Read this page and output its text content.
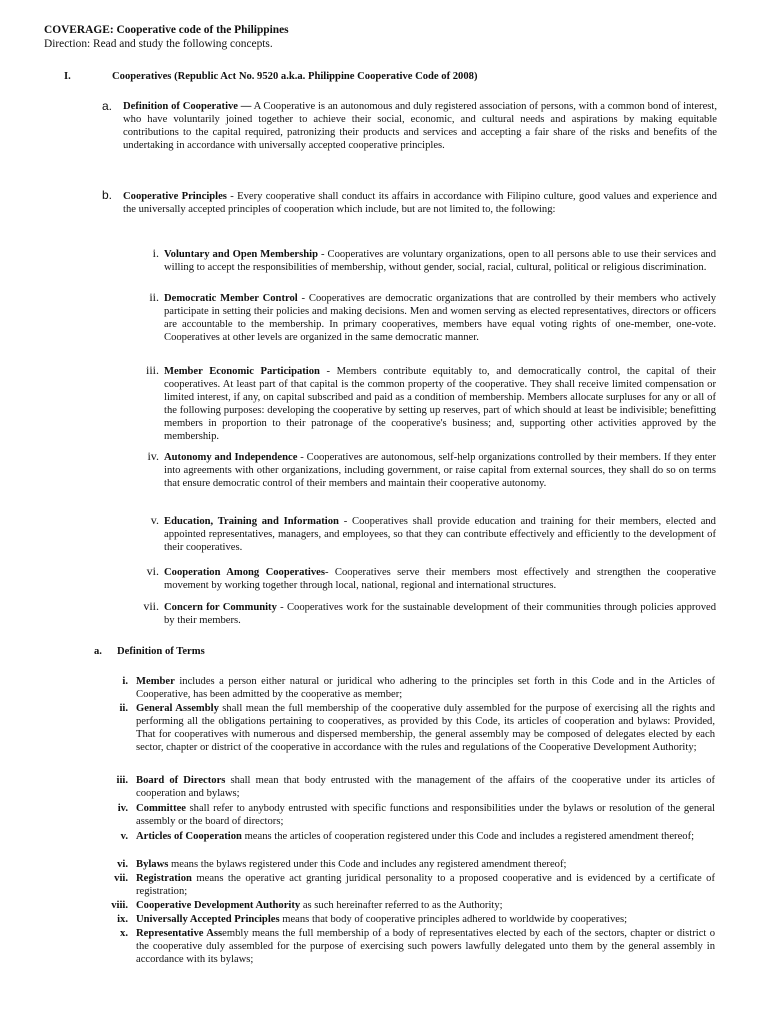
COVERAGE: Cooperative code of the Philippines
Direction: Read and study the following concepts.
I.	Cooperatives (Republic Act No. 9520 a.k.a. Philippine Cooperative Code of 2008)
a. Definition of Cooperative — A Cooperative is an autonomous and duly registered association of persons, with a common bond of interest, who have voluntarily joined together to achieve their social, economic, and cultural needs and aspirations by making equitable contributions to the capital required, patronizing their products and services and accepting a fair share of the risks and benefits of the undertaking in accordance with universally accepted cooperative principles.
b. Cooperative Principles - Every cooperative shall conduct its affairs in accordance with Filipino culture, good values and experience and the universally accepted principles of cooperation which include, but are not limited to, the following:
i. Voluntary and Open Membership - Cooperatives are voluntary organizations, open to all persons able to use their services and willing to accept the responsibilities of membership, without gender, social, racial, cultural, political or religious discrimination.
ii. Democratic Member Control - Cooperatives are democratic organizations that are controlled by their members who actively participate in setting their policies and making decisions. Men and women serving as elected representatives, directors or officers are accountable to the membership. In primary cooperatives, members have equal voting rights of one-member, one-vote. Cooperatives at other levels are organized in the same democratic manner.
iii. Member Economic Participation - Members contribute equitably to, and democratically control, the capital of their cooperatives. At least part of that capital is the common property of the cooperative. They shall receive limited compensation or limited interest, if any, on capital subscribed and paid as a condition of membership. Members allocate surpluses for any or all of the following purposes: developing the cooperative by setting up reserves, part of which should at least be indivisible; benefitting members in proportion to their patronage of the cooperative's business; and, supporting other activities approved by the membership.
iv. Autonomy and Independence - Cooperatives are autonomous, self-help organizations controlled by their members. If they enter into agreements with other organizations, including government, or raise capital from external sources, they shall do so on terms that ensure democratic control of their members and maintain their cooperative autonomy.
v. Education, Training and Information - Cooperatives shall provide education and training for their members, elected and appointed representatives, managers, and employees, so that they can contribute effectively and efficiently to the development of their cooperatives.
vi. Cooperation Among Cooperatives- Cooperatives serve their members most effectively and strengthen the cooperative movement by working together through local, national, regional and international structures.
vii. Concern for Community - Cooperatives work for the sustainable development of their communities through policies approved by their members.
a. Definition of Terms
i. Member includes a person either natural or juridical who adhering to the principles set forth in this Code and in the Articles of Cooperative, has been admitted by the cooperative as member;
ii. General Assembly shall mean the full membership of the cooperative duly assembled for the purpose of exercising all the rights and performing all the obligations pertaining to cooperatives, as provided by this Code, its articles of cooperation and bylaws: Provided, That for cooperatives with numerous and dispersed membership, the general assembly may be composed of delegates elected by each sector, chapter or district of the cooperative in accordance with the rules and regulations of the Cooperative Development Authority;
iii. Board of Directors shall mean that body entrusted with the management of the affairs of the cooperative under its articles of cooperation and bylaws;
iv. Committee shall refer to anybody entrusted with specific functions and responsibilities under the bylaws or resolution of the general assembly or the board of directors;
v. Articles of Cooperation means the articles of cooperation registered under this Code and includes a registered amendment thereof;
vi. Bylaws means the bylaws registered under this Code and includes any registered amendment thereof;
vii. Registration means the operative act granting juridical personality to a proposed cooperative and is evidenced by a certificate of registration;
viii. Cooperative Development Authority as such hereinafter referred to as the Authority;
ix. Universally Accepted Principles means that body of cooperative principles adhered to worldwide by cooperatives;
x. Representative Assembly means the full membership of a body of representatives elected by each of the sectors, chapter or district o the cooperative duly assembled for the purpose of exercising such powers lawfully delegated unto them by the general assembly in accordance with its bylaws;
